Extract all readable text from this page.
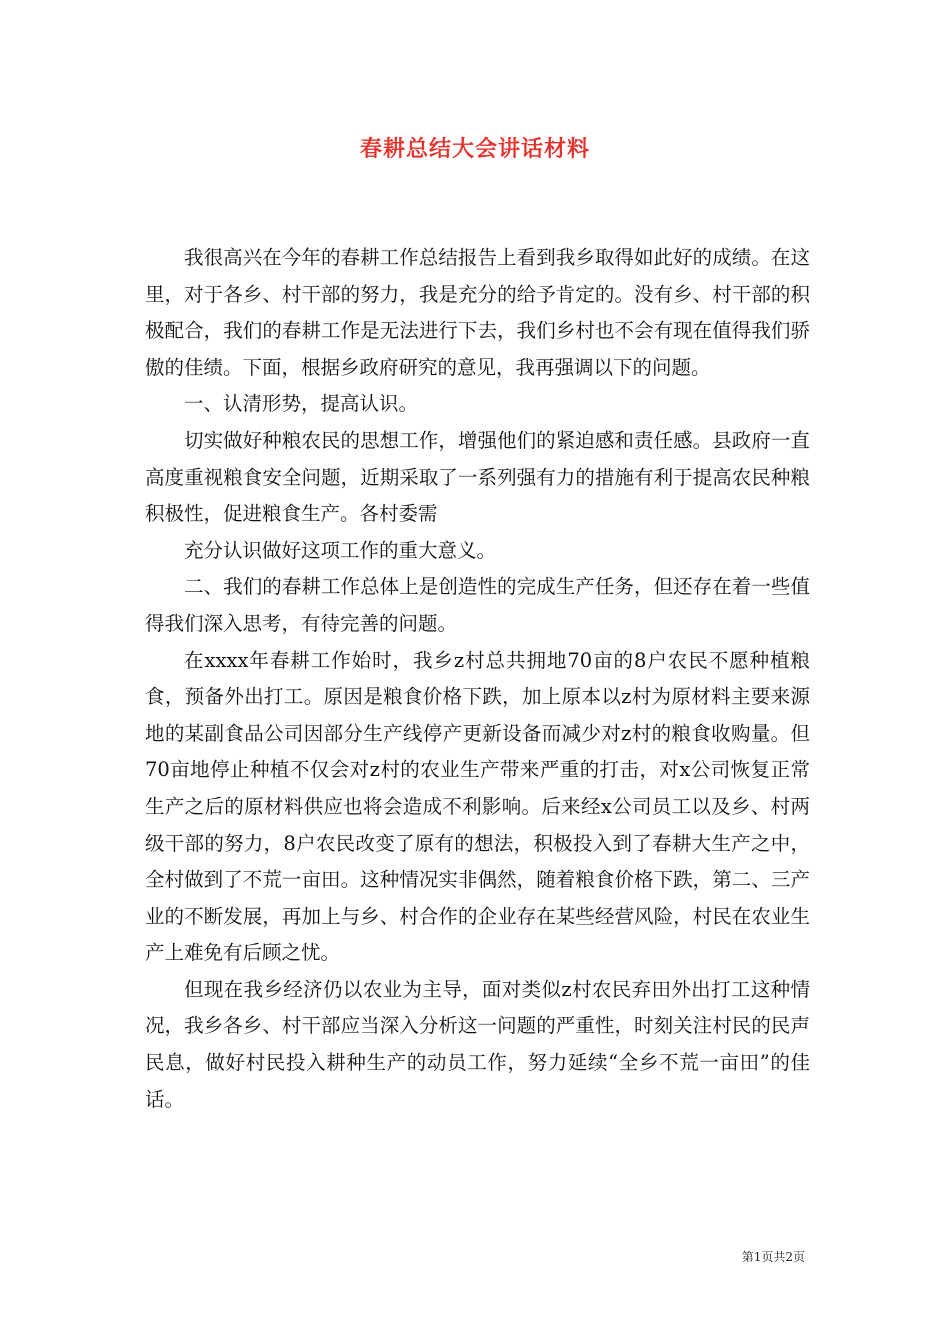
春耕总结大会讲话材料

我很高兴在今年的春耕工作总结报告上看到我乡取得如此好的成绩。在这里，对于各乡、村干部的努力，我是充分的给予肯定的。没有乡、村干部的积极配合，我们的春耕工作是无法进行下去，我们乡村也不会有现在值得我们骄傲的佳绩。下面，根据乡政府研究的意见，我再强调以下的问题。

一、认清形势，提高认识。

切实做好种粮农民的思想工作，增强他们的紧迫感和责任感。县政府一直高度重视粮食安全问题，近期采取了一系列强有力的措施有利于提高农民种粮积极性，促进粮食生产。各村委需

充分认识做好这项工作的重大意义。

二、我们的春耕工作总体上是创造性的完成生产任务，但还存在着一些值得我们深入思考，有待完善的问题。

在xxxx年春耕工作始时，我乡z村总共拥地70亩的8户农民不愿种植粮食，预备外出打工。原因是粮食价格下跌，加上原本以z村为原材料主要来源地的某副食品公司因部分生产线停产更新设备而减少对z村的粮食收购量。但70亩地停止种植不仅会对z村的农业生产带来严重的打击，对x公司恢复正常生产之后的原材料供应也将会造成不利影响。后来经x公司员工以及乡、村两级干部的努力，8户农民改变了原有的想法，积极投入到了春耕大生产之中，全村做到了不荒一亩田。这种情况实非偶然，随着粮食价格下跌，第二、三产业的不断发展，再加上与乡、村合作的企业存在某些经营风险，村民在农业生产上难免有后顾之忧。

但现在我乡经济仍以农业为主导，面对类似z村农民弃田外出打工这种情况，我乡各乡、村干部应当深入分析这一问题的严重性，时刻关注村民的民声民息，做好村民投入耕种生产的动员工作，努力延续“全乡不荒一亩田”的佳话。

第1页共2页
